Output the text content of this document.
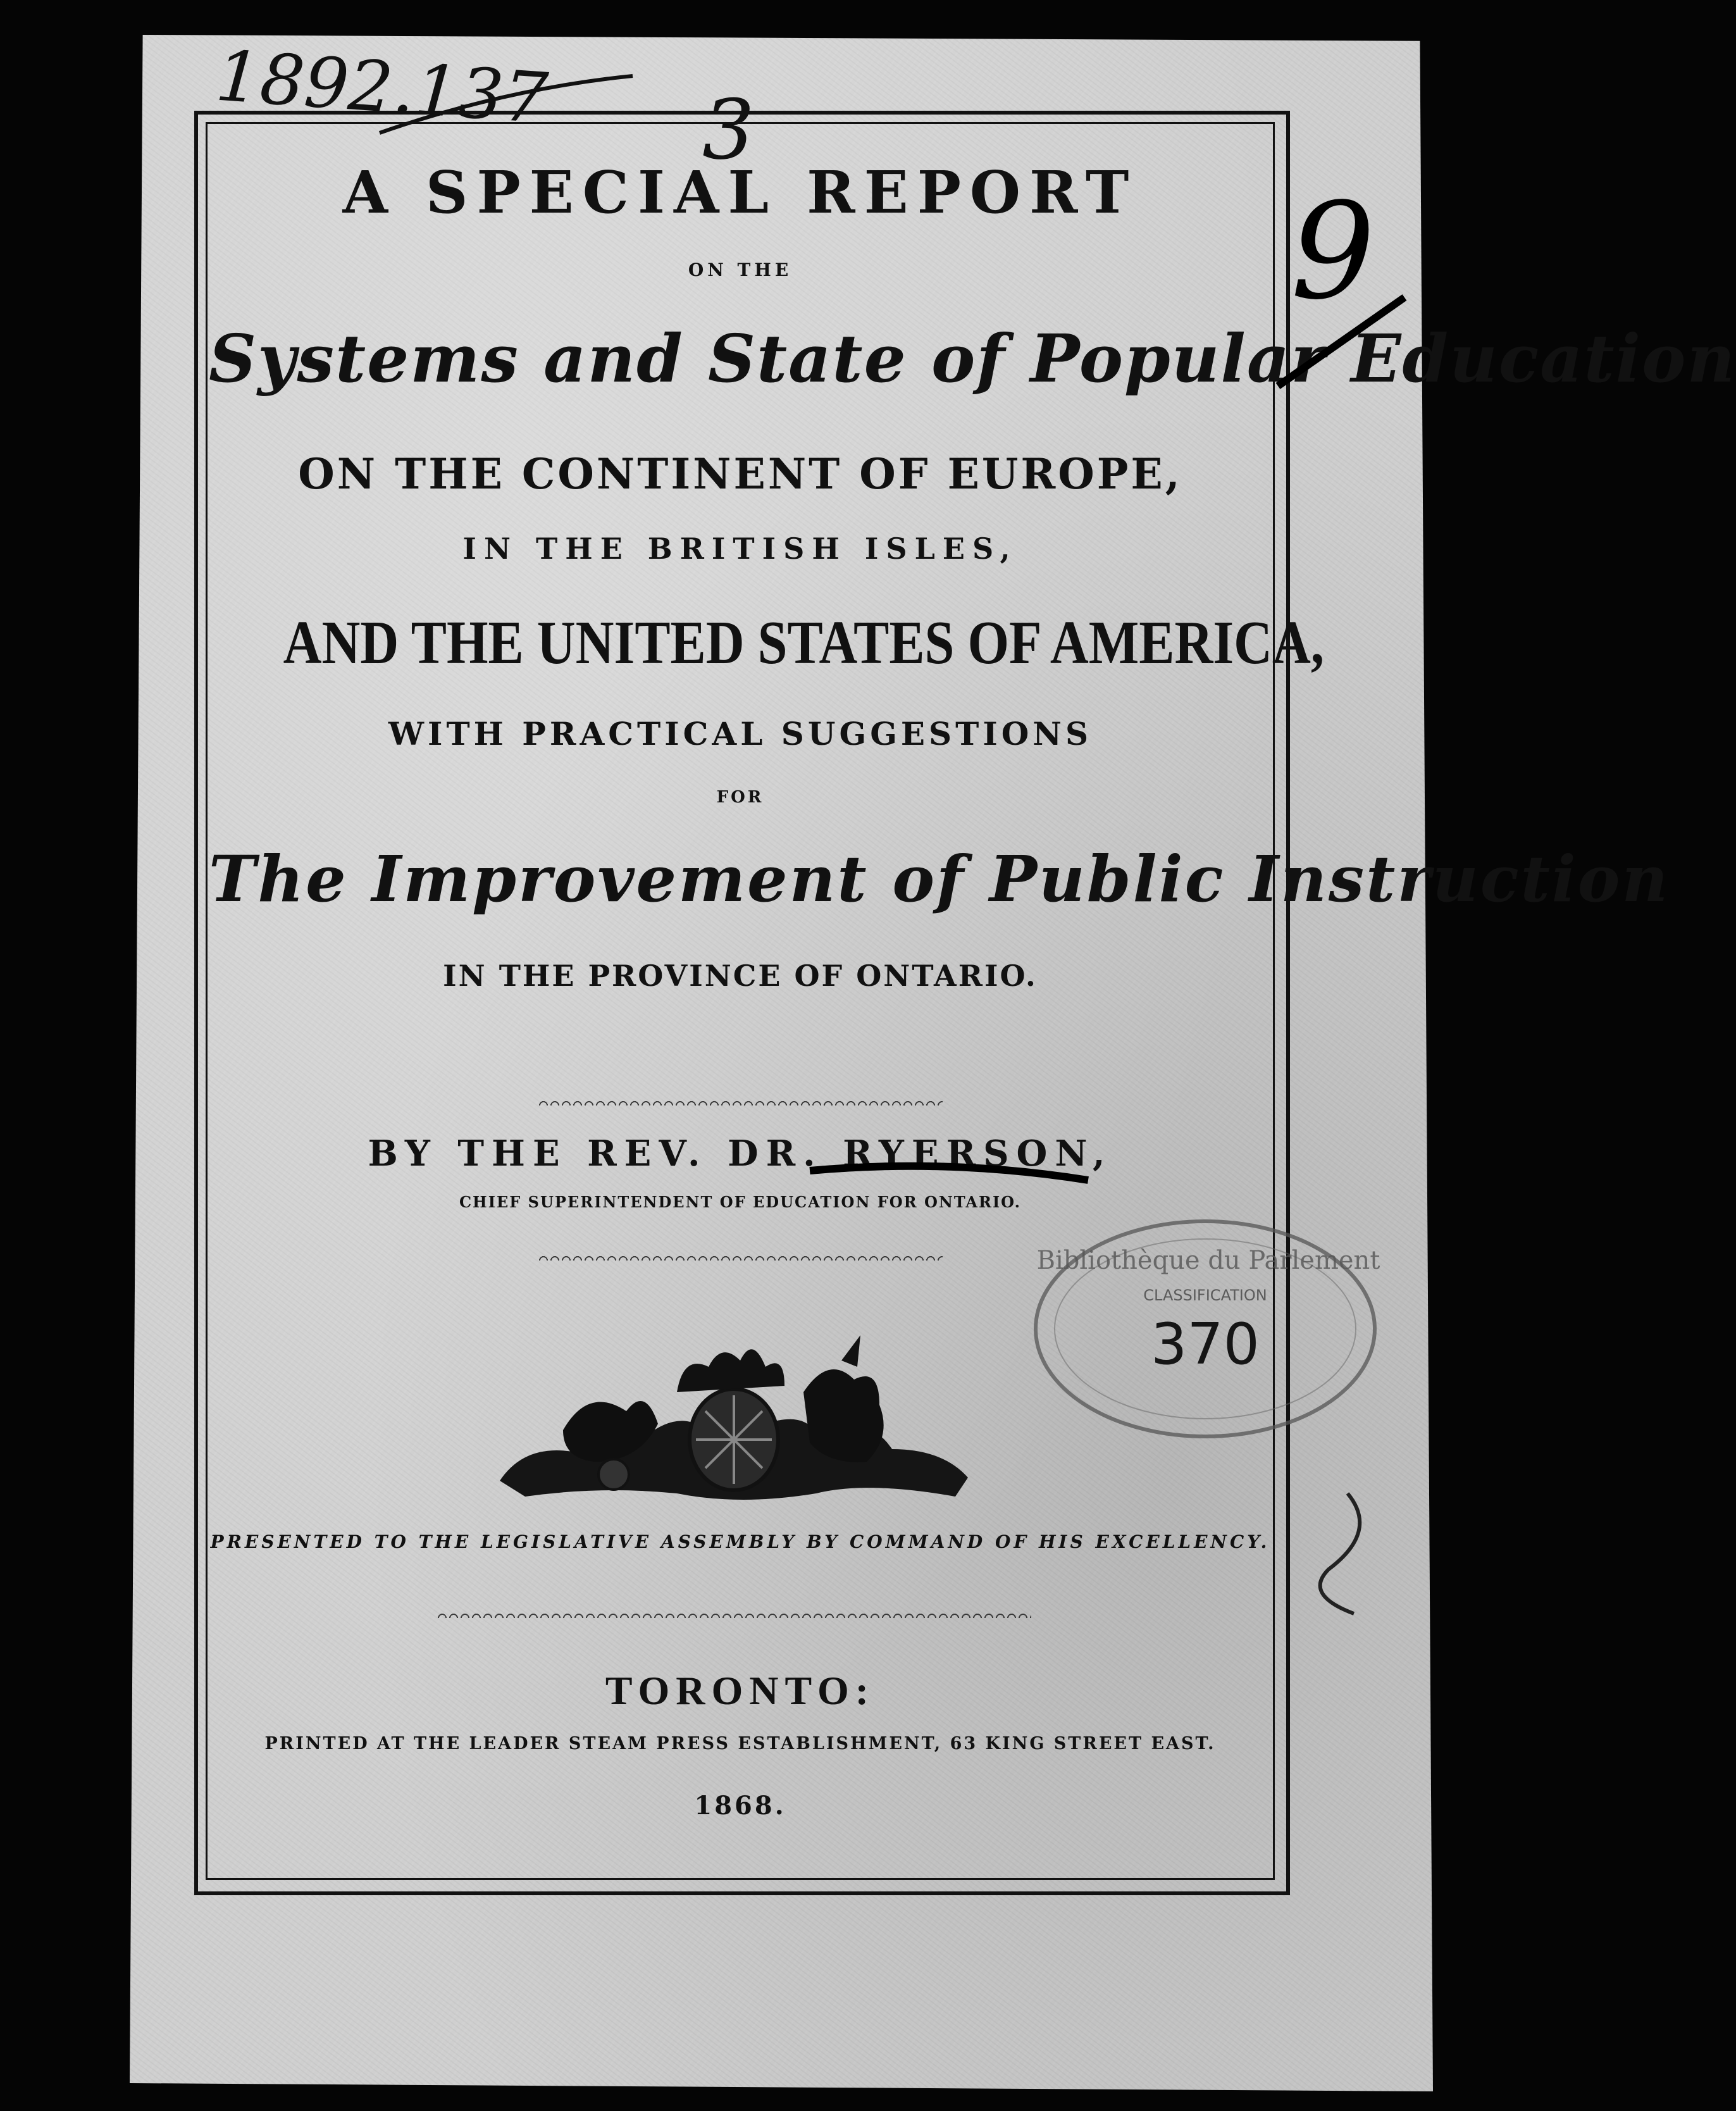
A SPECIAL REPORT
ON THE
Systems and State of Popular Education
ON THE CONTINENT OF EUROPE,
IN THE BRITISH ISLES,
AND THE UNITED STATES OF AMERICA,
WITH PRACTICAL SUGGESTIONS
FOR
The Improvement of Public Instruction
IN THE PROVINCE OF ONTARIO.
BY THE REV. DR. RYERSON,
CHIEF SUPERINTENDENT OF EDUCATION FOR ONTARIO.
PRESENTED TO THE LEGISLATIVE ASSEMBLY BY COMMAND OF HIS EXCELLENCY.
TORONTO:
PRINTED AT THE LEADER STEAM PRESS ESTABLISHMENT, 63 KING STREET EAST.
1868.
Bibliothèque du Parlement
CLASSIFICATION
370
1892.137 3
9
